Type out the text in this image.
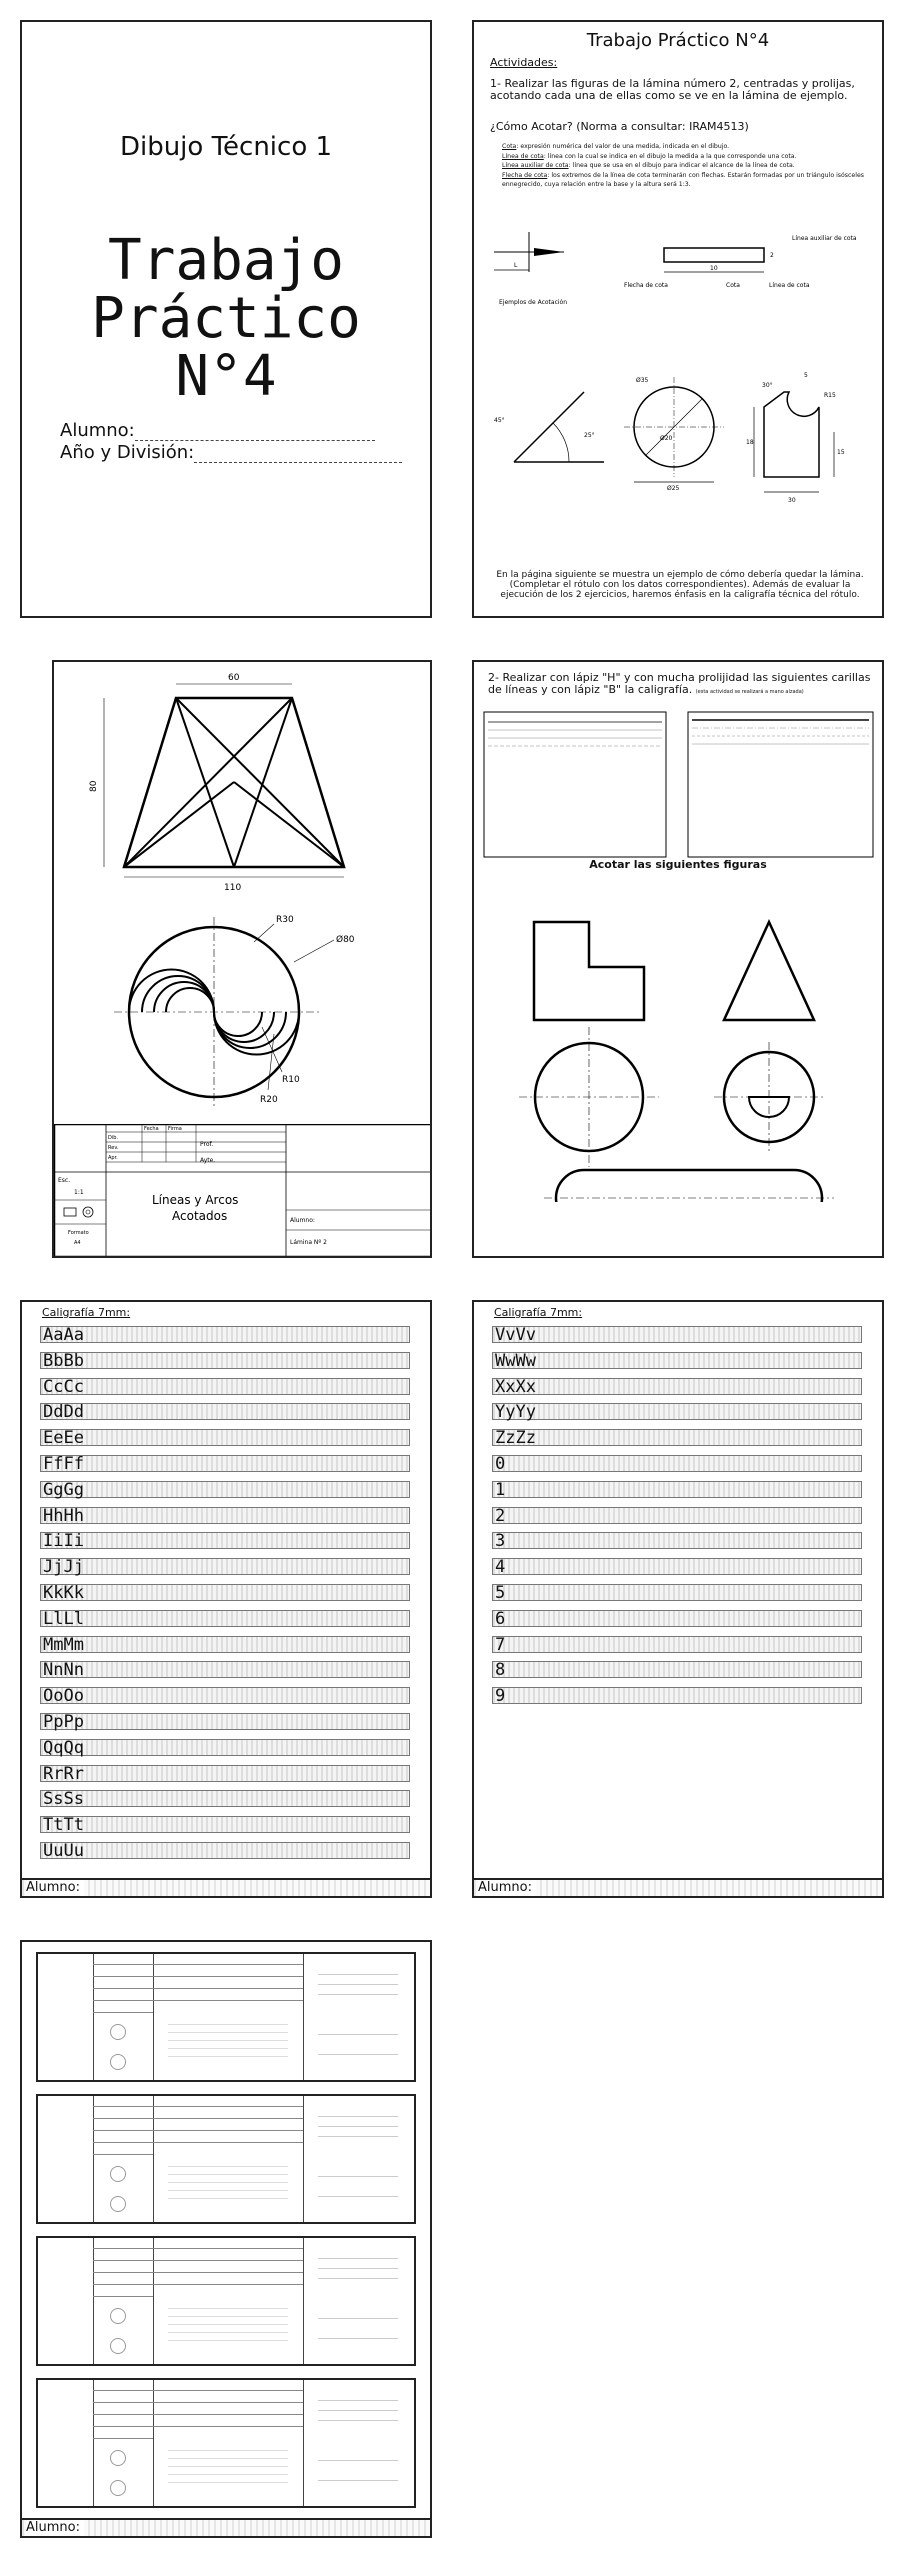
Dibujo Técnico 1
Trabajo
Práctico
N°4
Alumno:
Año y División:
Trabajo Práctico N°4
Actividades:
1- Realizar las figuras de la lámina número 2, centradas y prolijas, acotando cada una de ellas como se ve en la lámina de ejemplo.
¿Cómo Acotar? (Norma a consultar: IRAM4513)
Cota: expresión numérica del valor de una medida, indicada en el dibujo.
Línea de cota: línea con la cual se indica en el dibujo la medida a la que corresponde una cota.
Línea auxiliar de cota: línea que se usa en el dibujo para indicar el alcance de la línea de cota.
Flecha de cota: los extremos de la línea de cota terminarán con flechas. Estarán formadas por un triángulo isósceles ennegrecido, cuya relación entre la base y la altura será 1:3.
L
Ejemplos de Acotación
10
2
Línea auxiliar de cota
Flecha de cota	Cota	Línea de cota
25°
45°
Ø35
Ø20
Ø25
30°
5
R15
18
15
30
En la página siguiente se muestra un ejemplo de cómo debería quedar la lámina. (Completar el rótulo con los datos correspondientes). Además de evaluar la ejecución de los 2 ejercicios, haremos énfasis en la caligrafía técnica del rótulo.
60
80
110
R30
Ø80
R10
R20
Fecha Firma
Dib.
Rev.
Apr.
Prof.
Ayte.
Esc.
1:1
Líneas y Arcos
Acotados	Alumno:
Lámina Nº 2
Formato
A4
2- Realizar con lápiz "H" y con mucha prolijidad las siguientes carillas de líneas y con lápiz "B" la caligrafía. (esta actividad se realizará a mano alzada)
Acotar las siguientes figuras
Caligrafía 7mm:
AaAa
BbBb
CcCc
DdDd
EeEe
FfFf
GgGg
HhHh
IiIi
JjJj
KkKk
LlLl
MmMm
NnNn
OoOo
PpPp
QqQq
RrRr
SsSs
TtTt
UuUu
Alumno:
Caligrafía 7mm:
VvVv
WwWw
XxXx
YyYy
ZzZz
0
1
2
3
4
5
6
7
8
9
Alumno:
Alumno:
